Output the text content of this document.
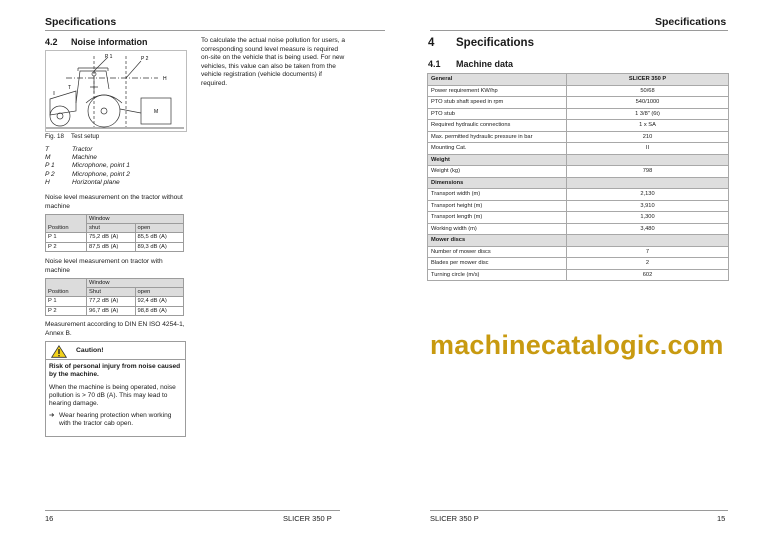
Specifications
4.2 Noise information	To calculate the actual noise pollution for users, a corresponding sound level measure is required on-site on the vehicle that is being used. For new vehicles, this value can also be taken from the vehicle registration (vehicle documents) if required.
P 1	P 2
H
T
M
Fig. 18 Test setup
T	Tractor
M	Machine
P 1	Microphone, point 1
P 2	Microphone, point 2
H	Horizontal plane
Noise level measurement on the tractor without machine
Position	Window	
	shut	open
P 1	75,2 dB (A)	85,5 dB (A)
P 2	87,5 dB (A)	89,3 dB (A)
Noise level measurement on tractor with machine
Position	Window	
	Shut	open
P 1	77,2 dB (A)	92,4 dB (A)
P 2	96,7 dB (A)	98,8 dB (A)
Measurement according to DIN EN ISO 4254-1, Annex B.
Caution!
Risk of personal injury from noise caused by the machine.
When the machine is being operated, noise pollution is > 70 dB (A). This may lead to hearing damage.
➔ Wear hearing protection when working
with the tractor cab open.
16	SLICER 350 P
Specifications
4 Specifications
4.1 Machine data
General	SLICER 350 P
Power requirement KW/hp	50/68
PTO stub shaft speed in rpm	540/1000
PTO stub	1 3/8" (6t)
Required hydraulic connections	1 x SA
Max. permitted hydraulic pressure in bar	210
Mounting Cat.	II
Weight	
Weight (kg)	798
Dimensions	
Transport width (m)	2,130
Transport height (m)	3,910
Transport length (m)	1,300
Working width (m)	3,480
Mower discs	
Number of mower discs	7
Blades per mower disc	2
Turning circle (m/s)	602
machinecatalogic.com
SLICER 350 P	15
